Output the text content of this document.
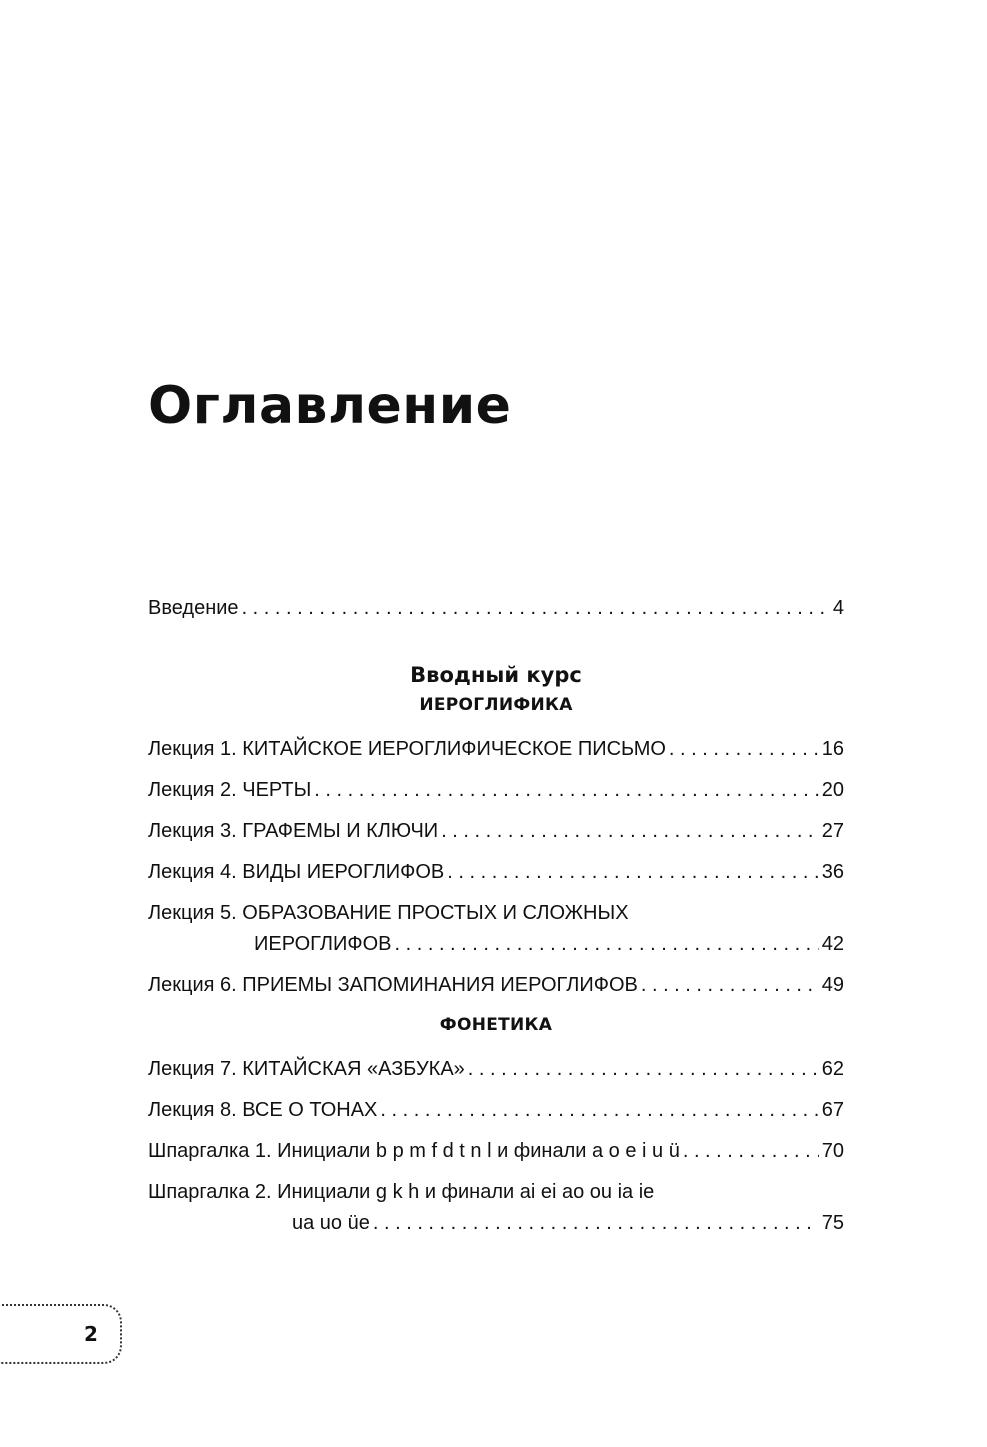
Оглавление
Введение . . .	4
Вводный курс
ИЕРОГЛИФИКА
Лекция 1. КИТАЙСКОЕ ИЕРОГЛИФИЧЕСКОЕ ПИСЬМО . . .	16
Лекция 2. ЧЕРТЫ . . .	20
Лекция 3. ГРАФЕМЫ И КЛЮЧИ . . .	27
Лекция 4. ВИДЫ ИЕРОГЛИФОВ . . .	36
Лекция 5. ОБРАЗОВАНИЕ ПРОСТЫХ И СЛОЖНЫХ
ИЕРОГЛИФОВ . . .	42
Лекция 6. ПРИЕМЫ ЗАПОМИНАНИЯ ИЕРОГЛИФОВ . . .	49
ФОНЕТИКА
Лекция 7. КИТАЙСКАЯ «АЗБУКА» . . .	62
Лекция 8. ВСЕ О ТОНАХ . . .	67
Шпаргалка 1. Инициали b p m f d t n l и финали a o e i u ü . . .	70
Шпаргалка 2. Инициали g k h и финали ai ei ao ou ia ie
ua uo üe . . .	75
2
